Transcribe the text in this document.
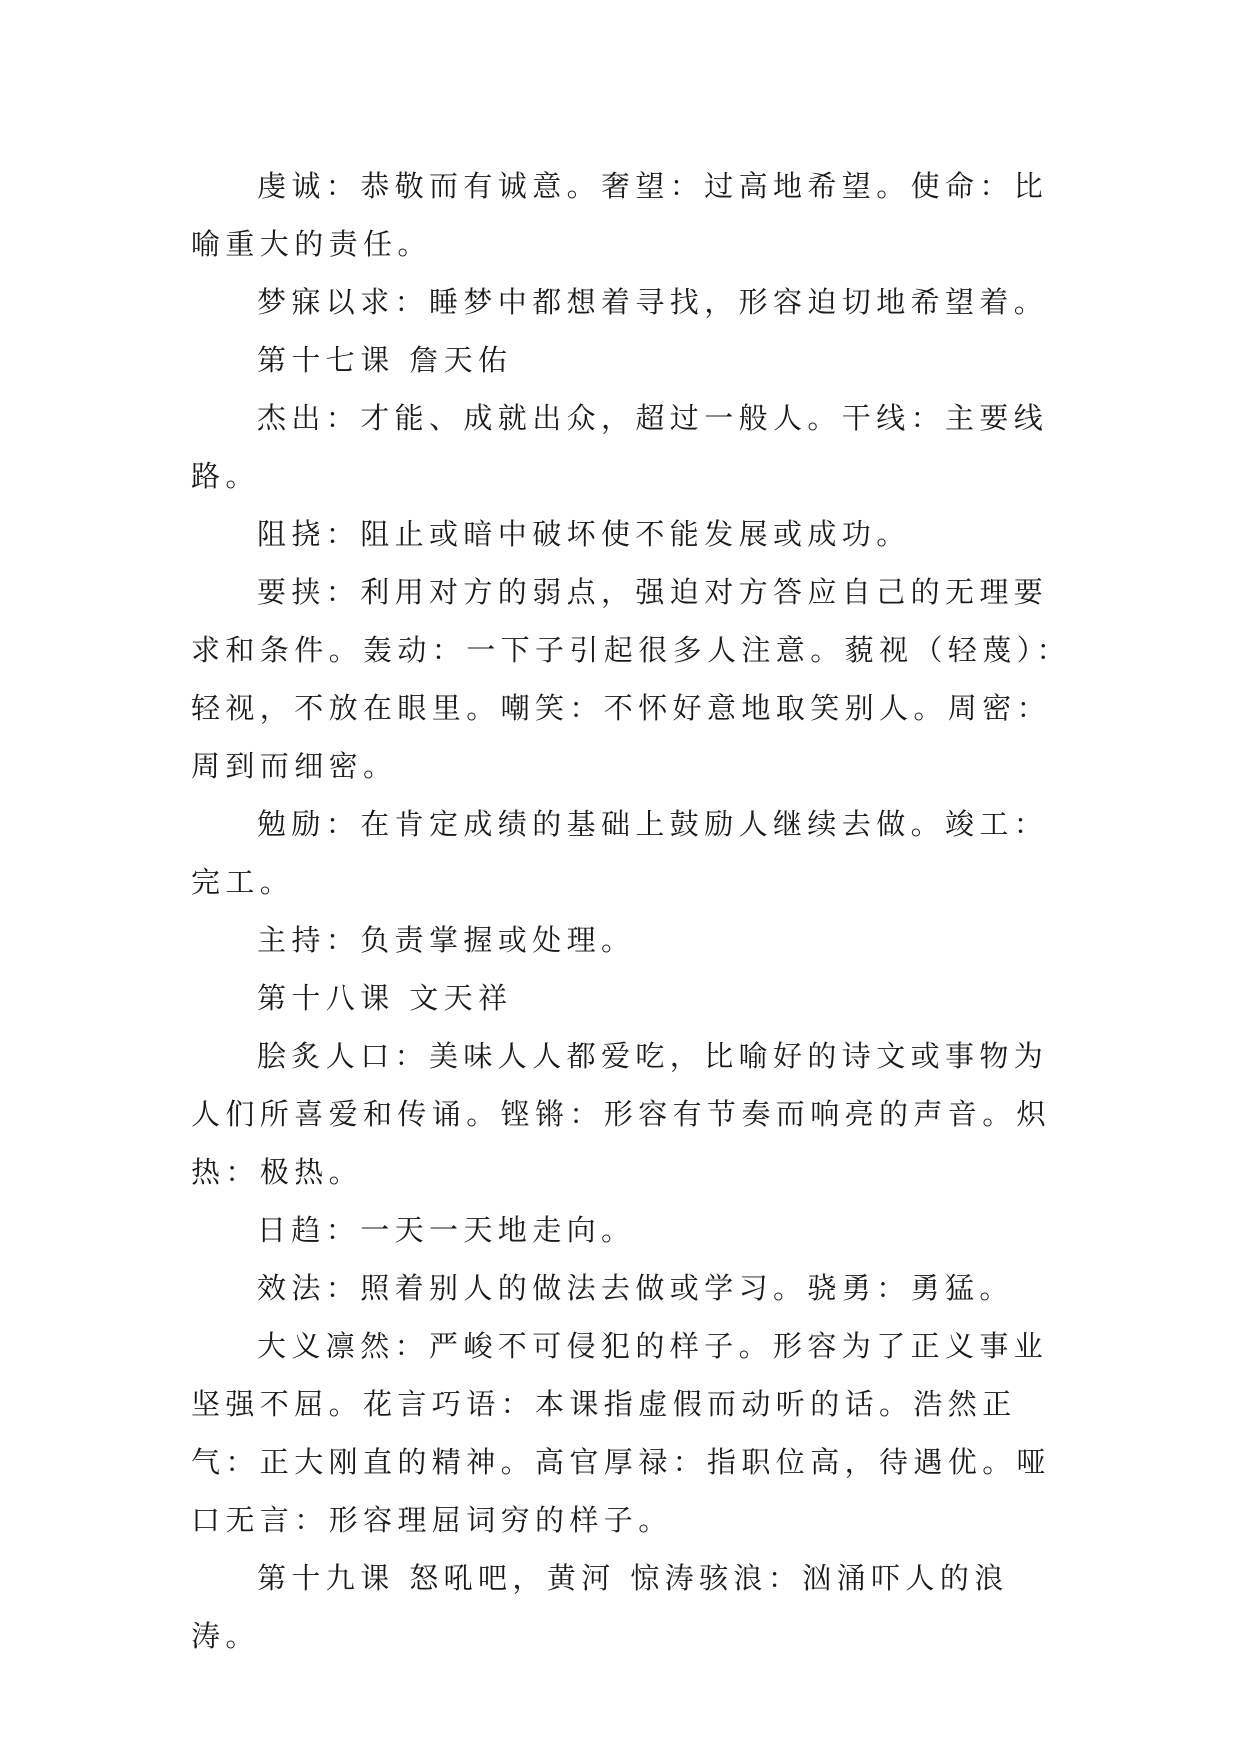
虔诚：恭敬而有诚意。奢望：过高地希望。使命：比喻重大的责任。

梦寐以求：睡梦中都想着寻找，形容迫切地希望着。

第十七课 詹天佑

杰出：才能、成就出众，超过一般人。干线：主要线路。

阻挠：阻止或暗中破坏使不能发展或成功。

要挟：利用对方的弱点，强迫对方答应自己的无理要求和条件。轰动：一下子引起很多人注意。藐视（轻蔑）：轻视，不放在眼里。嘲笑：不怀好意地取笑别人。周密：周到而细密。

勉励：在肯定成绩的基础上鼓励人继续去做。竣工：完工。

主持：负责掌握或处理。

第十八课 文天祥

脍炙人口：美味人人都爱吃，比喻好的诗文或事物为人们所喜爱和传诵。铿锵：形容有节奏而响亮的声音。炽热：极热。

日趋：一天一天地走向。

效法：照着别人的做法去做或学习。骁勇：勇猛。

大义凛然：严峻不可侵犯的样子。形容为了正义事业坚强不屈。花言巧语：本课指虚假而动听的话。浩然正气：正大刚直的精神。高官厚禄：指职位高，待遇优。哑口无言：形容理屈词穷的样子。

第十九课 怒吼吧，黄河 惊涛骇浪：汹涌吓人的浪涛。
